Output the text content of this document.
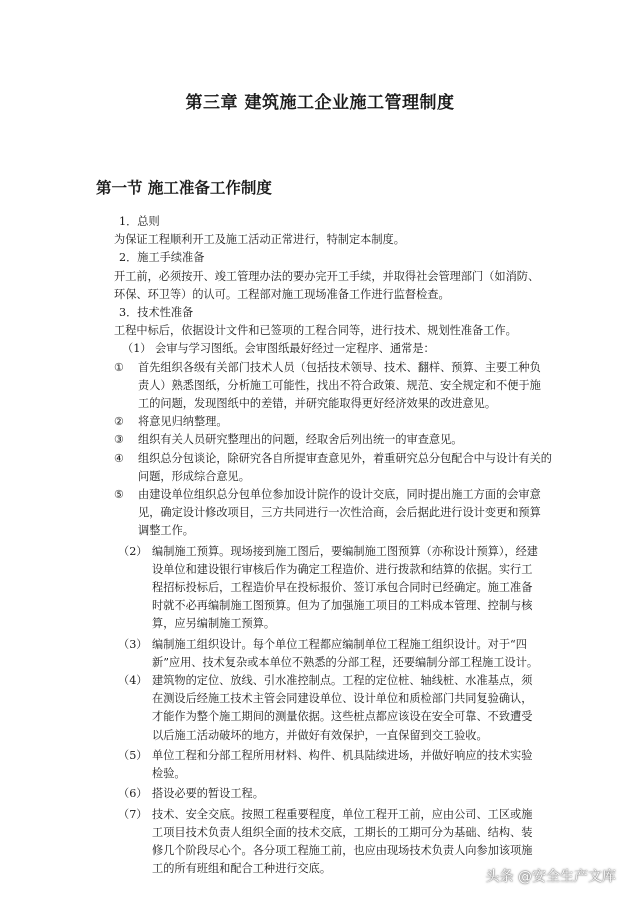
第三章 建筑施工企业施工管理制度
第一节 施工准备工作制度
1．总则
为保证工程顺利开工及施工活动正常进行，特制定本制度。
2．施工手续准备
开工前，必须按开、竣工管理办法的要办完开工手续，并取得社会管理部门（如消防、
环保、环卫等）的认可。工程部对施工现场准备工作进行监督检查。
3．技术性准备
工程中标后，依据设计文件和已签项的工程合同等，进行技术、规划性准备工作。
（1） 会审与学习图纸。会审图纸最好经过一定程序、通常是：
①	首先组织各级有关部门技术人员（包括技术领导、技术、翻样、预算、主要工种负
责人）熟悉图纸，分析施工可能性，找出不符合政策、规范、安全规定和不便于施
工的问题，发现图纸中的差错，并研究能取得更好经济效果的改进意见。
②	将意见归纳整理。
③	组织有关人员研究整理出的问题，经取舍后列出统一的审查意见。
④	组织总分包谈论，除研究各自所提审查意见外，着重研究总分包配合中与设计有关的
问题，形成综合意见。
⑤	由建设单位组织总分包单位参加设计院作的设计交底，同时提出施工方面的会审意
见，确定设计修改项目，三方共同进行一次性洽商，会后据此进行设计变更和预算
调整工作。
（2） 编制施工预算。现场接到施工图后，要编制施工图预算（亦称设计预算），经建
设单位和建设银行审核后作为确定工程造价、进行拨款和结算的依据。实行工
程招标投标后，工程造价早在投标报价、签订承包合同时已经确定。施工准备
时就不必再编制施工图预算。但为了加强施工项目的工料成本管理、控制与核
算，应另编制施工预算。
（3） 编制施工组织设计。每个单位工程都应编制单位工程施工组织设计。对于“四
新”应用、技术复杂或本单位不熟悉的分部工程，还要编制分部工程施工设计。
（4） 建筑物的定位、放线、引水准控制点。工程的定位桩、轴线桩、水准基点，须
在测设后经施工技术主管会同建设单位、设计单位和质检部门共同复验确认，
才能作为整个施工期间的测量依据。这些桩点都应该设在安全可靠、不致遭受
以后施工活动破坏的地方，并做好有效保护，一直保留到交工验收。
（5） 单位工程和分部工程所用材料、构件、机具陆续进场，并做好响应的技术实验
检验。
（6） 搭设必要的暂设工程。
（7） 技术、安全交底。按照工程重要程度，单位工程开工前，应由公司、工区或施
工项目技术负责人组织全面的技术交底，工期长的工期可分为基础、结构、装
修几个阶段尽心个。各分项工程施工前，也应由现场技术负责人向参加该项施
工的所有班组和配合工种进行交底。
头条 @安全生产文库
